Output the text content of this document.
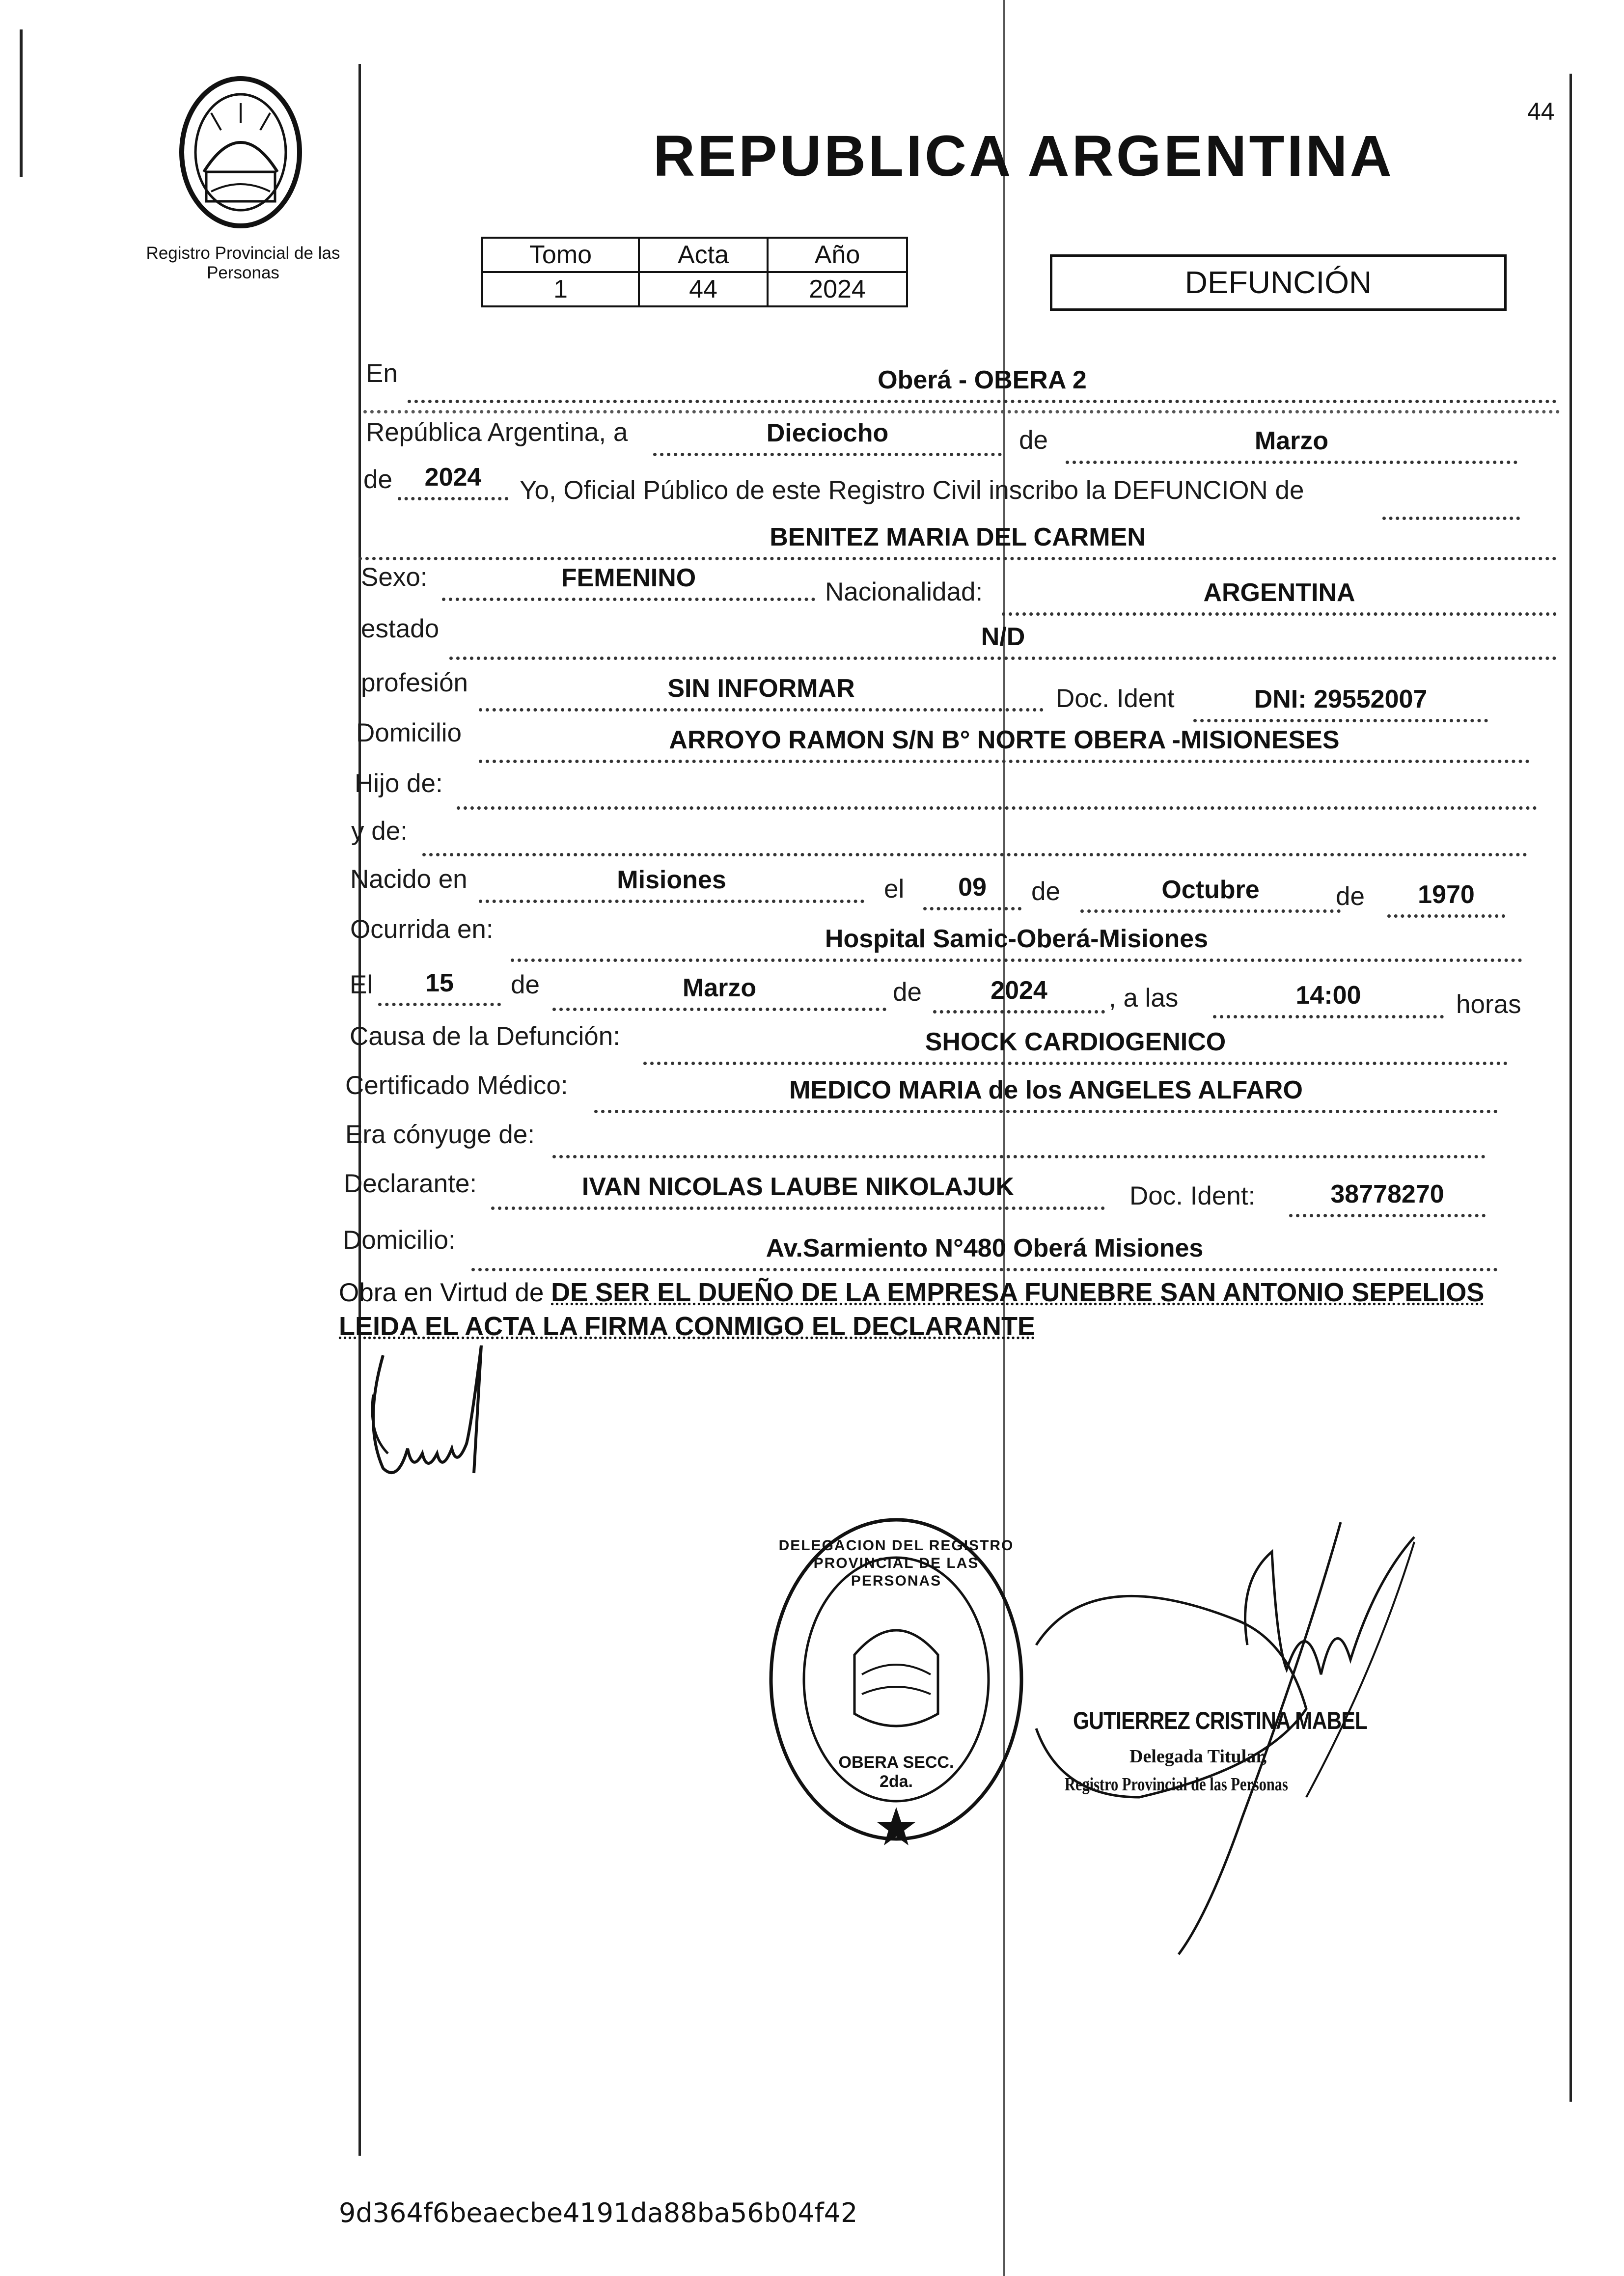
44
Registro Provincial de las Personas
REPUBLICA ARGENTINA
Tomo	Acta	Año
1	44	2024	DEFUNCIÓN
En	Oberá - OBERA 2
República Argentina, a	Dieciocho	de	Marzo
de	2024	Yo, Oficial Público de este Registro Civil inscribo la DEFUNCION de
BENITEZ MARIA DEL CARMEN
Sexo:	FEMENINO	Nacionalidad:	ARGENTINA
estado	N/D
profesión	SIN INFORMAR	Doc. Ident	DNI: 29552007
Domicilio	ARROYO RAMON S/N B° NORTE OBERA -MISIONESES
Hijo de:
y de:
Nacido en	Misiones	el	09	de	Octubre	de	1970
Ocurrida en:	Hospital Samic-Oberá-Misiones
El	15	de	Marzo	de	2024	, a las	14:00	horas
Causa de la Defunción:	SHOCK CARDIOGENICO
Certificado Médico:	MEDICO MARIA de los ANGELES ALFARO
Era cónyuge de:
Declarante:	IVAN NICOLAS LAUBE NIKOLAJUK	Doc. Ident:	38778270
Domicilio:	Av.Sarmiento N°480 Oberá Misiones
Obra en Virtud de DE SER EL DUEÑO DE LA EMPRESA FUNEBRE SAN ANTONIO SEPELIOS LEIDA EL ACTA LA FIRMA CONMIGO EL DECLARANTE
DELEGACION DEL REGISTRO PROVINCIAL DE LAS PERSONAS
OBERA SECC. 2da.
GUTIERREZ CRISTINA MABEL
Delegada Titular,
Registro Provincial de las Personas
9d364f6beaecbe4191da88ba56b04f42
